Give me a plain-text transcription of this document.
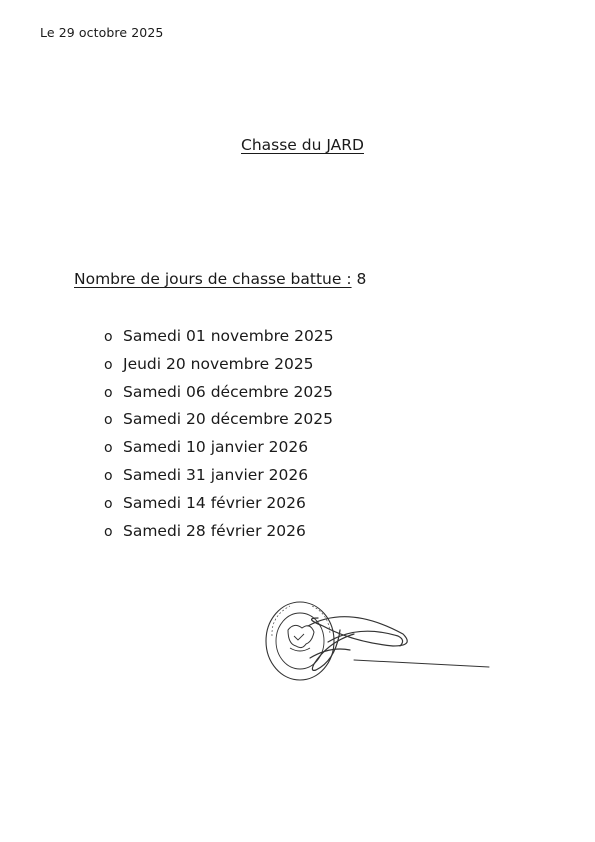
Le 29 octobre 2025
Chasse du JARD
Nombre de jours de chasse battue : 8
o Samedi 01 novembre 2025
o Jeudi 20 novembre 2025
o Samedi 06 décembre 2025
o Samedi 20 décembre 2025
o Samedi 10 janvier 2026
o Samedi 31 janvier 2026
o Samedi 14 février 2026
o Samedi 28 février 2026
